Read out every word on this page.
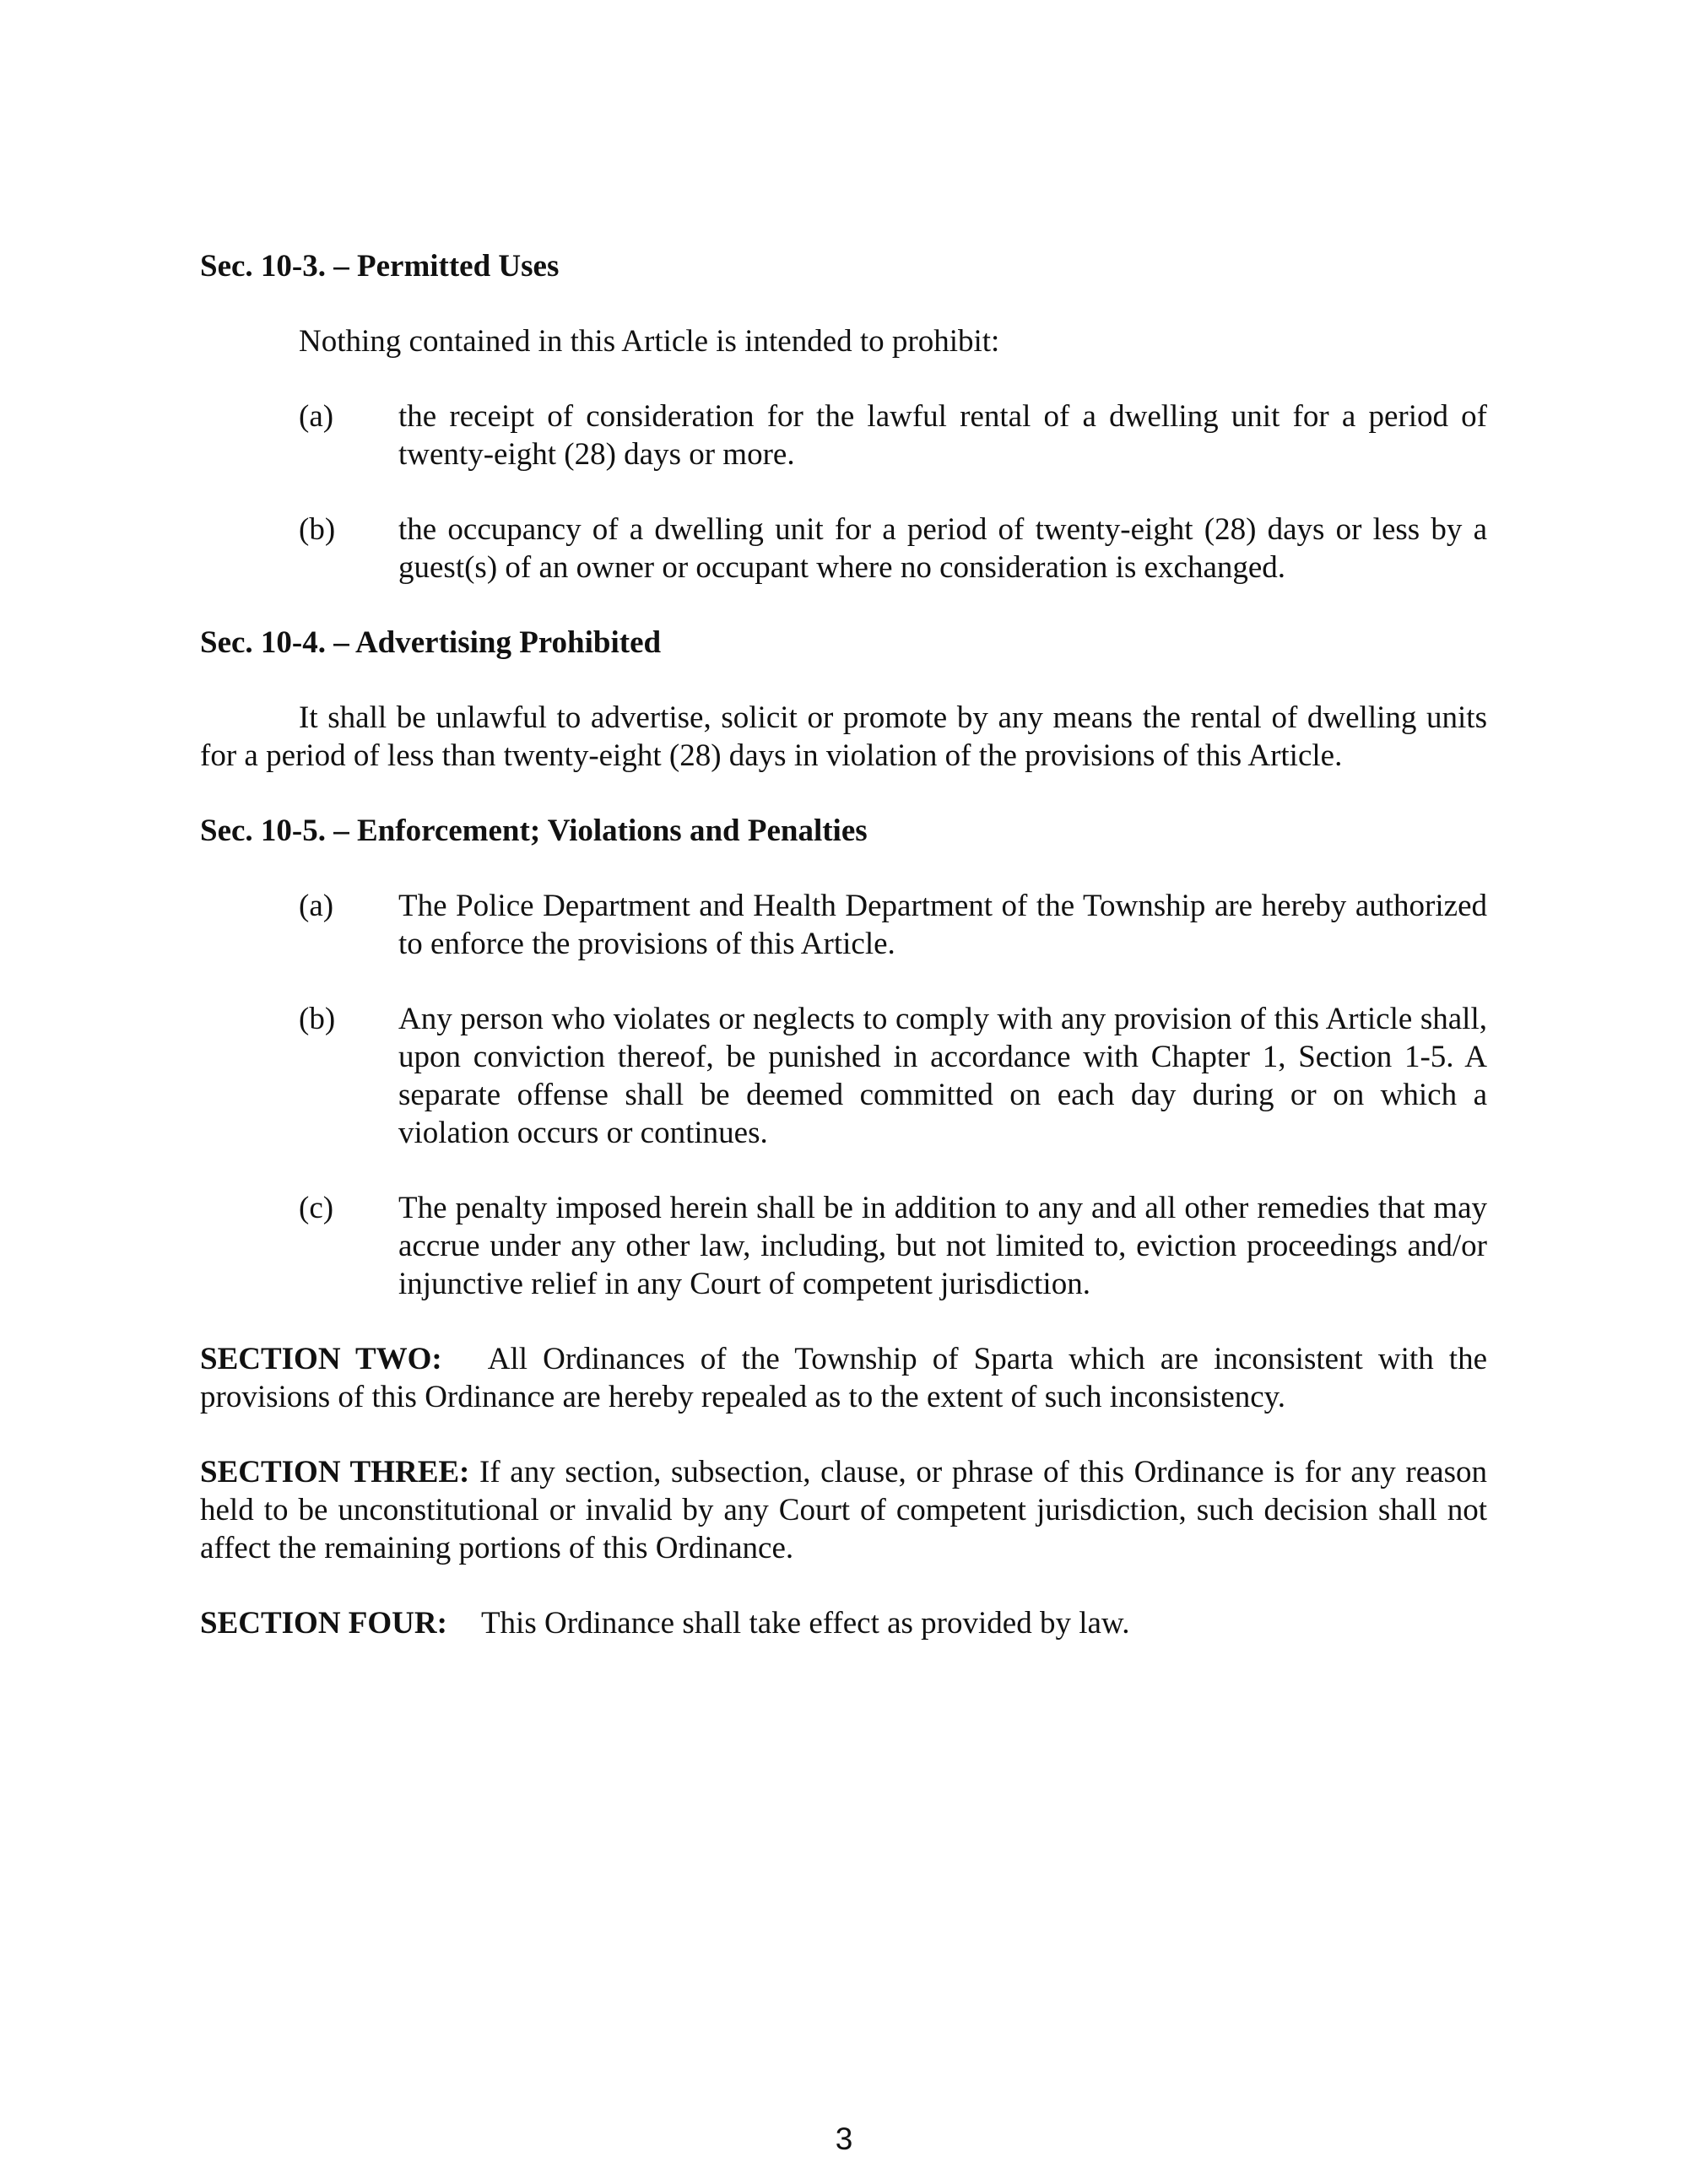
Sec. 10-3. – Permitted Uses
Nothing contained in this Article is intended to prohibit:
(a)	the receipt of consideration for the lawful rental of a dwelling unit for a period of twenty-eight (28) days or more.
(b)	the occupancy of a dwelling unit for a period of twenty-eight (28) days or less by a guest(s) of an owner or occupant where no consideration is exchanged.
Sec. 10-4. – Advertising Prohibited
It shall be unlawful to advertise, solicit or promote by any means the rental of dwelling units for a period of less than twenty-eight (28) days in violation of the provisions of this Article.
Sec. 10-5. – Enforcement; Violations and Penalties
(a)	The Police Department and Health Department of the Township are hereby authorized to enforce the provisions of this Article.
(b)	Any person who violates or neglects to comply with any provision of this Article shall, upon conviction thereof, be punished in accordance with Chapter 1, Section 1-5. A separate offense shall be deemed committed on each day during or on which a violation occurs or continues.
(c)	The penalty imposed herein shall be in addition to any and all other remedies that may accrue under any other law, including, but not limited to, eviction proceedings and/or injunctive relief in any Court of competent jurisdiction.
SECTION TWO: All Ordinances of the Township of Sparta which are inconsistent with the provisions of this Ordinance are hereby repealed as to the extent of such inconsistency.
SECTION THREE: If any section, subsection, clause, or phrase of this Ordinance is for any reason held to be unconstitutional or invalid by any Court of competent jurisdiction, such decision shall not affect the remaining portions of this Ordinance.
SECTION FOUR: This Ordinance shall take effect as provided by law.
3
